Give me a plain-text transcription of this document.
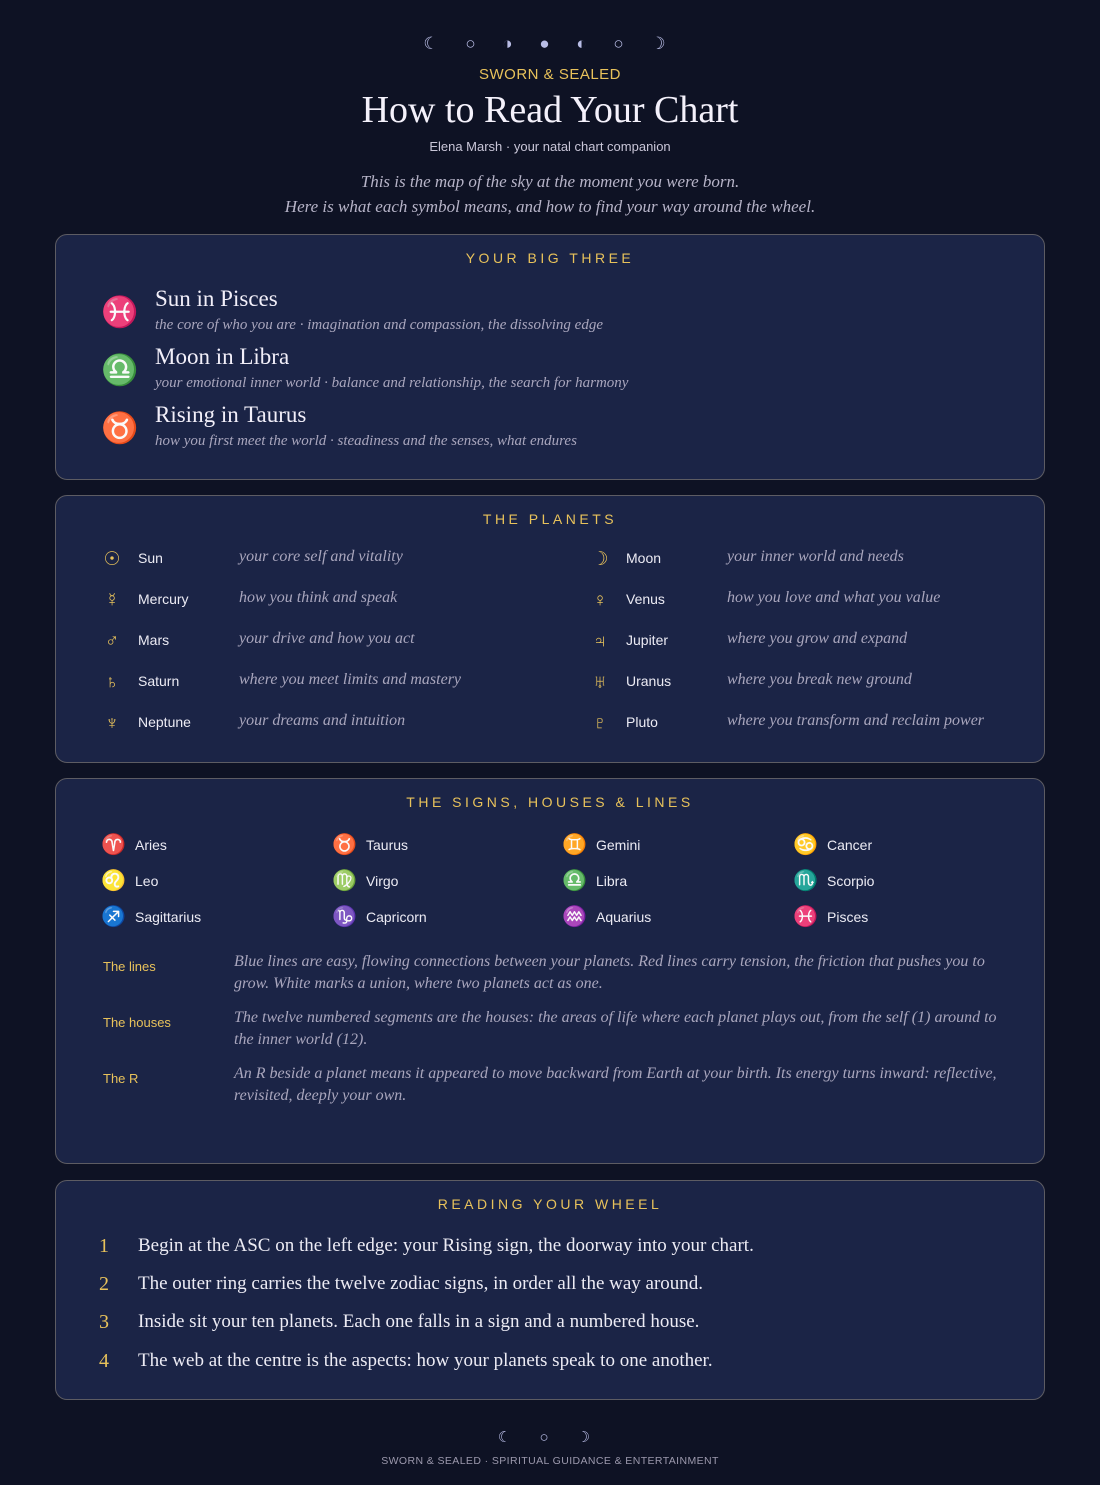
☾ ○ ◑ ● ◐ ○ ☽
SWORN & SEALED
How to Read Your Chart
Elena Marsh · your natal chart companion
This is the map of the sky at the moment you were born.
Here is what each symbol means, and how to find your way around the wheel.
YOUR BIG THREE
♓ Sun in Pisces
the core of who you are · imagination and compassion, the dissolving edge
♎ Moon in Libra
your emotional inner world · balance and relationship, the search for harmony
♉ Rising in Taurus
how you first meet the world · steadiness and the senses, what endures
THE PLANETS
☉ Sun	your core self and vitality	☽ Moon	your inner world and needs
☿ Mercury	how you think and speak	♀ Venus	how you love and what you value
♂ Mars	your drive and how you act	♃ Jupiter	where you grow and expand
♄ Saturn	where you meet limits and mastery	♅ Uranus	where you break new ground
♆ Neptune	your dreams and intuition	♇ Pluto	where you transform and reclaim power
THE SIGNS, HOUSES & LINES
♈ Aries	♉ Taurus	♊ Gemini	♋ Cancer
♌ Leo	♍ Virgo	♎ Libra	♏ Scorpio
♐ Sagittarius	♑ Capricorn	♒ Aquarius	♓ Pisces
The lines	Blue lines are easy, flowing connections between your planets. Red lines carry tension, the friction that pushes you to grow. White marks a union, where two planets act as one.
The houses	The twelve numbered segments are the houses: the areas of life where each planet plays out, from the self (1) around to the inner world (12).
The R	An R beside a planet means it appeared to move backward from Earth at your birth. Its energy turns inward: reflective, revisited, deeply your own.
READING YOUR WHEEL
1 Begin at the ASC on the left edge: your Rising sign, the doorway into your chart.
2 The outer ring carries the twelve zodiac signs, in order all the way around.
3 Inside sit your ten planets. Each one falls in a sign and a numbered house.
4 The web at the centre is the aspects: how your planets speak to one another.
☾ ○ ☽
SWORN & SEALED · SPIRITUAL GUIDANCE & ENTERTAINMENT
